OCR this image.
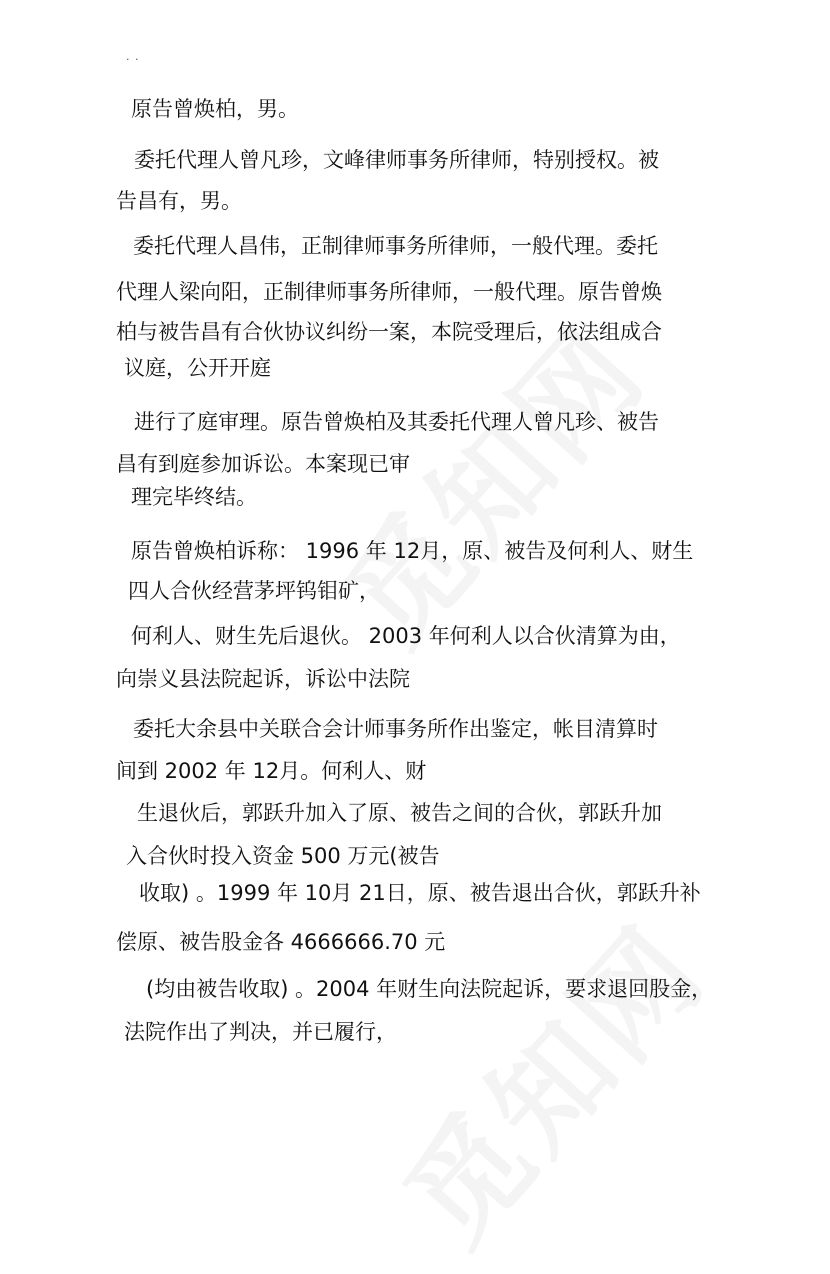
. .
原告曾焕柏，男。
委托代理人曾凡珍，文峰律师事务所律师，特别授权。被
告昌有，男。
委托代理人昌伟，正制律师事务所律师，一般代理。委托
代理人梁向阳，正制律师事务所律师，一般代理。原告曾焕
柏与被告昌有合伙协议纠纷一案，本院受理后，依法组成合
议庭，公开开庭
进行了庭审理。原告曾焕柏及其委托代理人曾凡珍、被告
昌有到庭参加诉讼。本案现已审
理完毕终结。
原告曾焕柏诉称： 1996 年 12月，原、被告及何利人、财生
四人合伙经营茅坪钨钼矿，
何利人、财生先后退伙。 2003 年何利人以合伙清算为由，
向崇义县法院起诉，诉讼中法院
委托大余县中关联合会计师事务所作出鉴定，帐目清算时
间到 2002 年 12月。何利人、财
生退伙后，郭跃升加入了原、被告之间的合伙，郭跃升加
入合伙时投入资金 500 万元(被告
收取) 。1999 年 10月 21日，原、被告退出合伙，郭跃升补
偿原、被告股金各 4666666.70 元
(均由被告收取) 。2004 年财生向法院起诉，要求退回股金，
法院作出了判决，并已履行，
